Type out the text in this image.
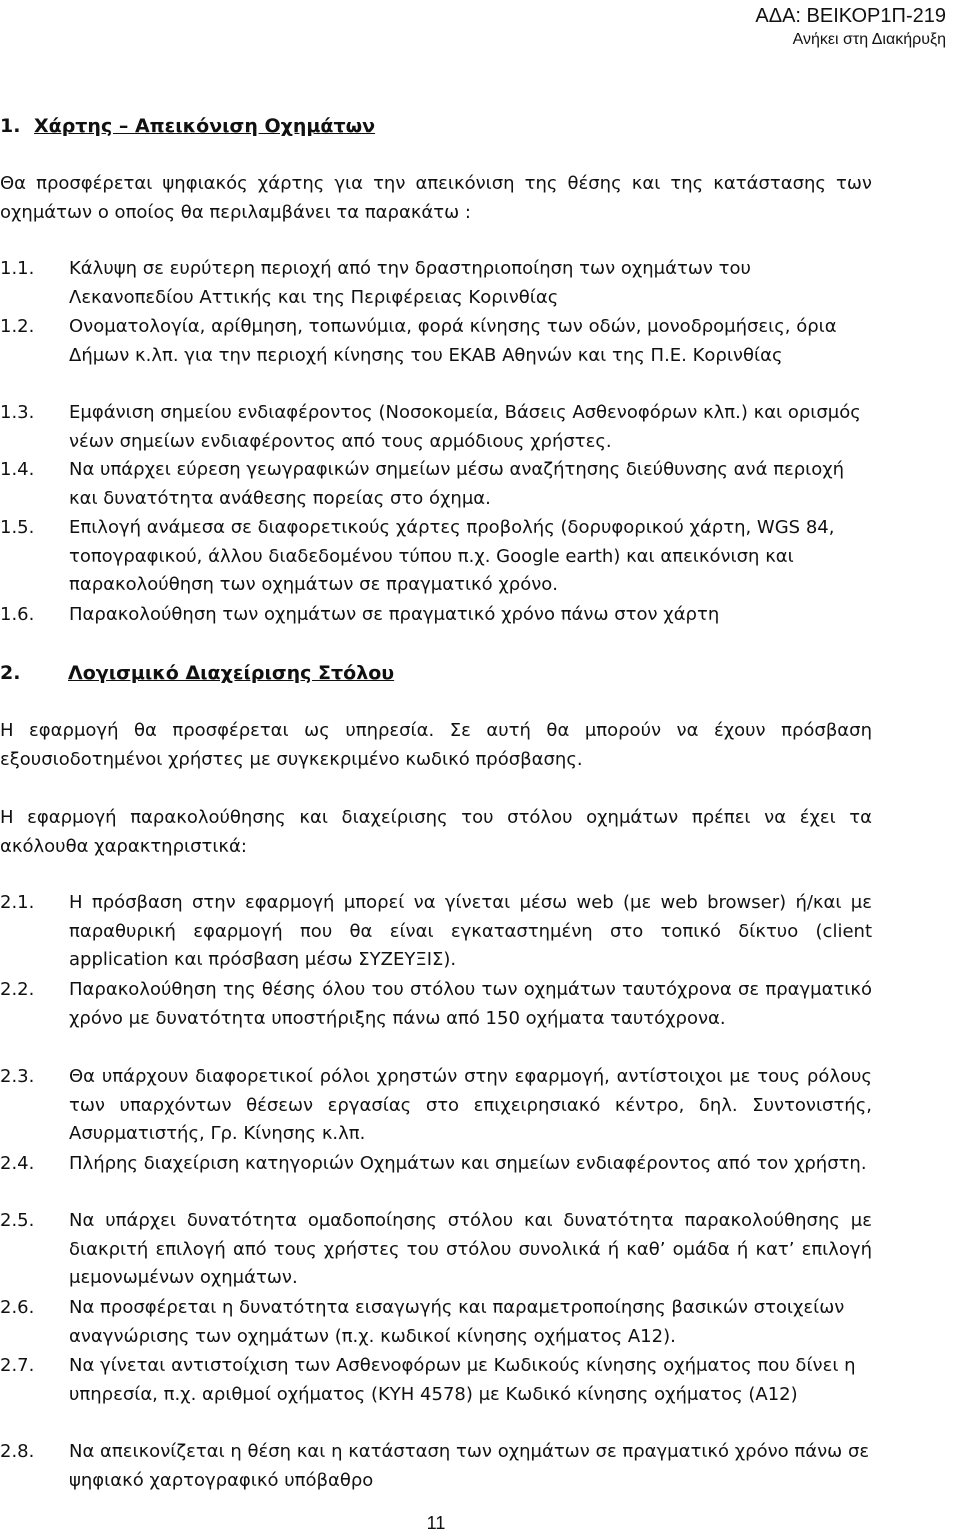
ΑΔΑ: ΒΕΙΚΟΡ1Π-219
Ανήκει στη Διακήρυξη
1. Χάρτης – Απεικόνιση Οχημάτων
Θα προσφέρεται ψηφιακός χάρτης για την απεικόνιση της θέσης και της κατάστασης των οχημάτων ο οποίος θα περιλαμβάνει τα παρακάτω :
1.1. Κάλυψη σε ευρύτερη περιοχή από την δραστηριοποίηση των οχημάτων του Λεκανοπεδίου Αττικής και της Περιφέρειας Κορινθίας
1.2. Ονοματολογία, αρίθμηση, τοπωνύμια, φορά κίνησης των οδών, μονοδρομήσεις, όρια Δήμων κ.λπ. για την περιοχή κίνησης του ΕΚΑΒ Αθηνών και της Π.Ε. Κορινθίας
1.3. Εμφάνιση σημείου ενδιαφέροντος (Νοσοκομεία, Βάσεις Ασθενοφόρων κλπ.) και ορισμός νέων σημείων ενδιαφέροντος από τους αρμόδιους χρήστες.
1.4. Να υπάρχει εύρεση γεωγραφικών σημείων μέσω αναζήτησης διεύθυνσης ανά περιοχή και δυνατότητα ανάθεσης πορείας στο όχημα.
1.5. Επιλογή ανάμεσα σε διαφορετικούς χάρτες προβολής (δορυφορικού χάρτη, WGS 84, τοπογραφικού, άλλου διαδεδομένου τύπου π.χ. Google earth) και απεικόνιση και παρακολούθηση των οχημάτων σε πραγματικό χρόνο.
1.6. Παρακολούθηση των οχημάτων σε πραγματικό χρόνο πάνω στον χάρτη
2.	Λογισμικό Διαχείρισης Στόλου
Η εφαρμογή θα προσφέρεται ως υπηρεσία. Σε αυτή θα μπορούν να έχουν πρόσβαση εξουσιοδοτημένοι χρήστες με συγκεκριμένο κωδικό πρόσβασης.
Η εφαρμογή παρακολούθησης και διαχείρισης του στόλου οχημάτων πρέπει να έχει τα ακόλουθα χαρακτηριστικά:
2.1. Η πρόσβαση στην εφαρμογή μπορεί να γίνεται μέσω web (με web browser) ή/και με παραθυρική εφαρμογή που θα είναι εγκαταστημένη στο τοπικό δίκτυο (client application και πρόσβαση μέσω ΣΥΖΕΥΞΙΣ).
2.2. Παρακολούθηση της θέσης όλου του στόλου των οχημάτων ταυτόχρονα σε πραγματικό χρόνο με δυνατότητα υποστήριξης πάνω από 150 οχήματα ταυτόχρονα.
2.3. Θα υπάρχουν διαφορετικοί ρόλοι χρηστών στην εφαρμογή, αντίστοιχοι με τους ρόλους των υπαρχόντων θέσεων εργασίας στο επιχειρησιακό κέντρο, δηλ. Συντονιστής, Ασυρματιστής, Γρ. Κίνησης κ.λπ.
2.4. Πλήρης διαχείριση κατηγοριών Οχημάτων και σημείων ενδιαφέροντος από τον χρήστη.
2.5. Να υπάρχει δυνατότητα ομαδοποίησης στόλου και δυνατότητα παρακολούθησης με διακριτή επιλογή από τους χρήστες του στόλου συνολικά ή καθ’ ομάδα ή κατ’ επιλογή μεμονωμένων οχημάτων.
2.6. Να προσφέρεται η δυνατότητα εισαγωγής και παραμετροποίησης βασικών στοιχείων αναγνώρισης των οχημάτων (π.χ. κωδικοί κίνησης οχήματος Α12).
2.7. Να γίνεται αντιστοίχιση των Ασθενοφόρων με Κωδικούς κίνησης οχήματος που δίνει η υπηρεσία, π.χ. αριθμοί οχήματος (ΚΥΗ 4578) με Κωδικό κίνησης οχήματος (Α12)
2.8. Να απεικονίζεται η θέση και η κατάσταση των οχημάτων σε πραγματικό χρόνο πάνω σε ψηφιακό χαρτογραφικό υπόβαθρο
11
